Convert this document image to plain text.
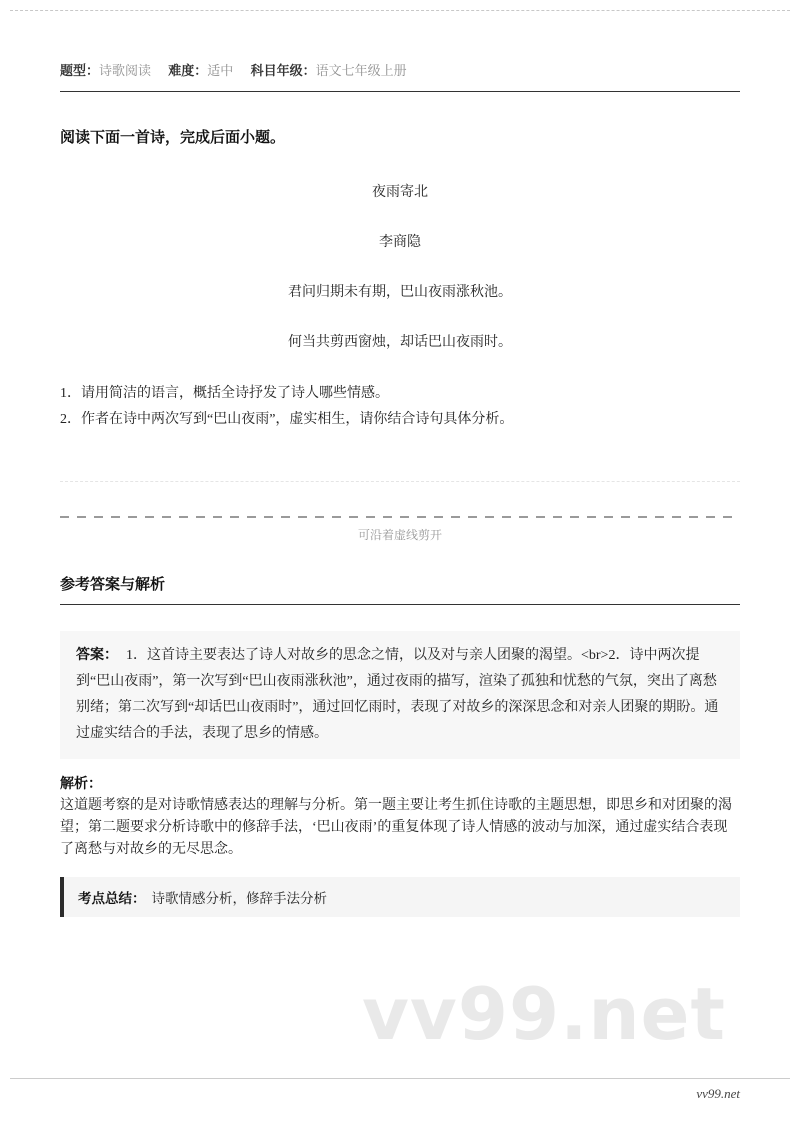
题型：诗歌阅读 难度：适中 科目年级：语文七年级上册
阅读下面一首诗，完成后面小题。
夜雨寄北
李商隐
君问归期未有期，巴山夜雨涨秋池。
何当共剪西窗烛，却话巴山夜雨时。
1．请用简洁的语言，概括全诗抒发了诗人哪些情感。
2．作者在诗中两次写到“巴山夜雨”，虚实相生，请你结合诗句具体分析。
可沿着虚线剪开
参考答案与解析
答案： 1．这首诗主要表达了诗人对故乡的思念之情，以及对与亲人团聚的渴望。<br>2．诗中两次提到“巴山夜雨”，第一次写到“巴山夜雨涨秋池”，通过夜雨的描写，渲染了孤独和忧愁的气氛，突出了离愁别绪；第二次写到“却话巴山夜雨时”，通过回忆雨时，表现了对故乡的深深思念和对亲人团聚的期盼。通过虚实结合的手法，表现了思乡的情感。
解析：
这道题考察的是对诗歌情感表达的理解与分析。第一题主要让考生抓住诗歌的主题思想，即思乡和对团聚的渴望；第二题要求分析诗歌中的修辞手法，‘巴山夜雨’的重复体现了诗人情感的波动与加深，通过虚实结合表现了离愁与对故乡的无尽思念。
考点总结： 诗歌情感分析，修辞手法分析
vv99.net
vv99.net
